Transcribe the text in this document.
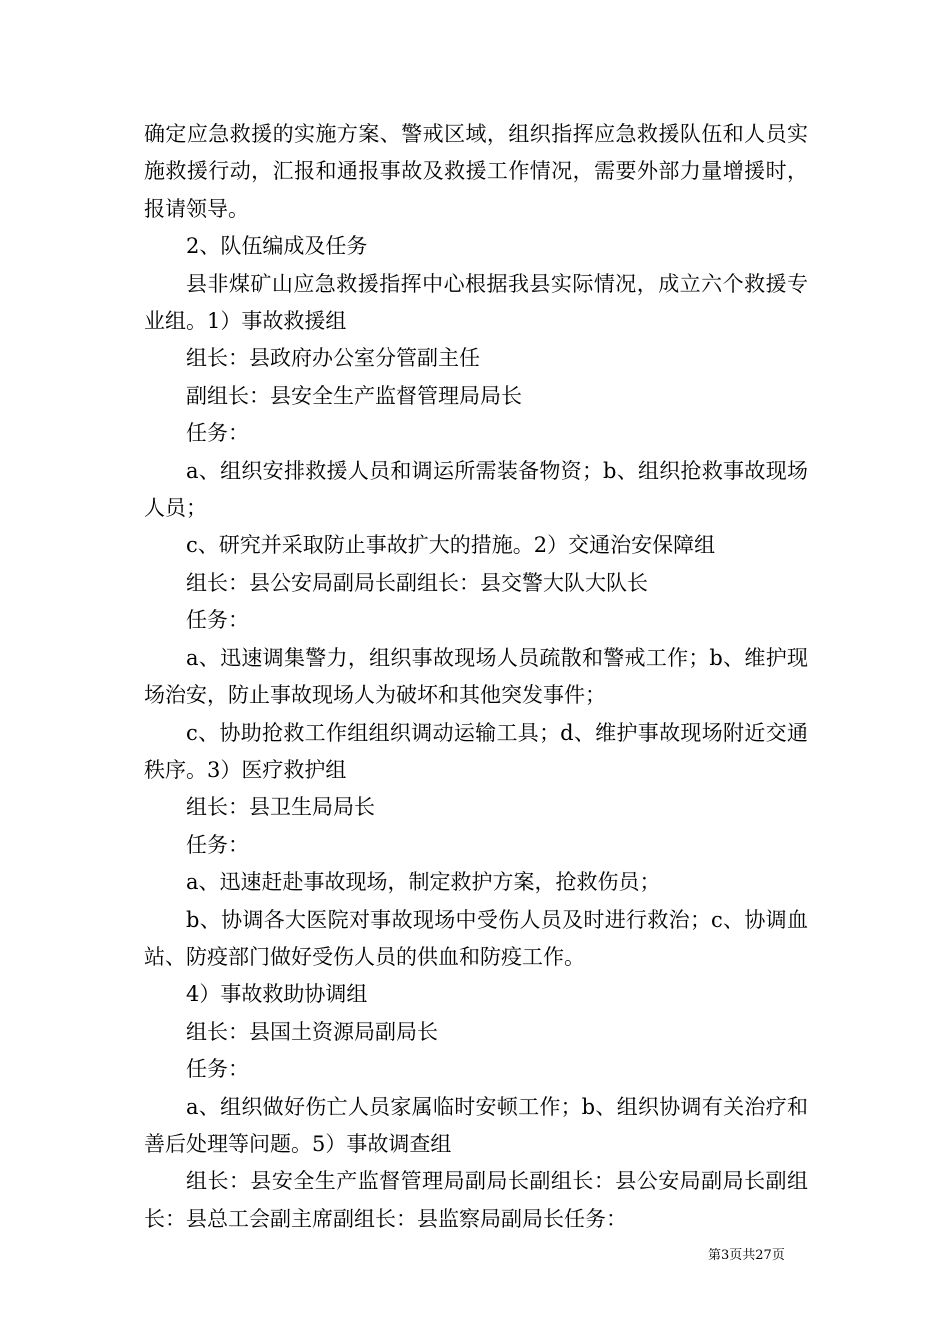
确定应急救援的实施方案、警戒区域，组织指挥应急救援队伍和人员实施救援行动，汇报和通报事故及救援工作情况，需要外部力量增援时，报请领导。

2、队伍编成及任务

县非煤矿山应急救援指挥中心根据我县实际情况，成立六个救援专业组。1）事故救援组

组长：县政府办公室分管副主任

副组长：县安全生产监督管理局局长

任务：

a、组织安排救援人员和调运所需装备物资；b、组织抢救事故现场人员；

c、研究并采取防止事故扩大的措施。2）交通治安保障组

组长：县公安局副局长副组长：县交警大队大队长

任务：

a、迅速调集警力，组织事故现场人员疏散和警戒工作；b、维护现场治安，防止事故现场人为破坏和其他突发事件；

c、协助抢救工作组组织调动运输工具；d、维护事故现场附近交通秩序。3）医疗救护组

组长：县卫生局局长

任务：

a、迅速赶赴事故现场，制定救护方案，抢救伤员；

b、协调各大医院对事故现场中受伤人员及时进行救治；c、协调血站、防疫部门做好受伤人员的供血和防疫工作。

4）事故救助协调组

组长：县国土资源局副局长

任务：

a、组织做好伤亡人员家属临时安顿工作；b、组织协调有关治疗和善后处理等问题。5）事故调查组

组长：县安全生产监督管理局副局长副组长：县公安局副局长副组长：县总工会副主席副组长：县监察局副局长任务：

第3页共27页
